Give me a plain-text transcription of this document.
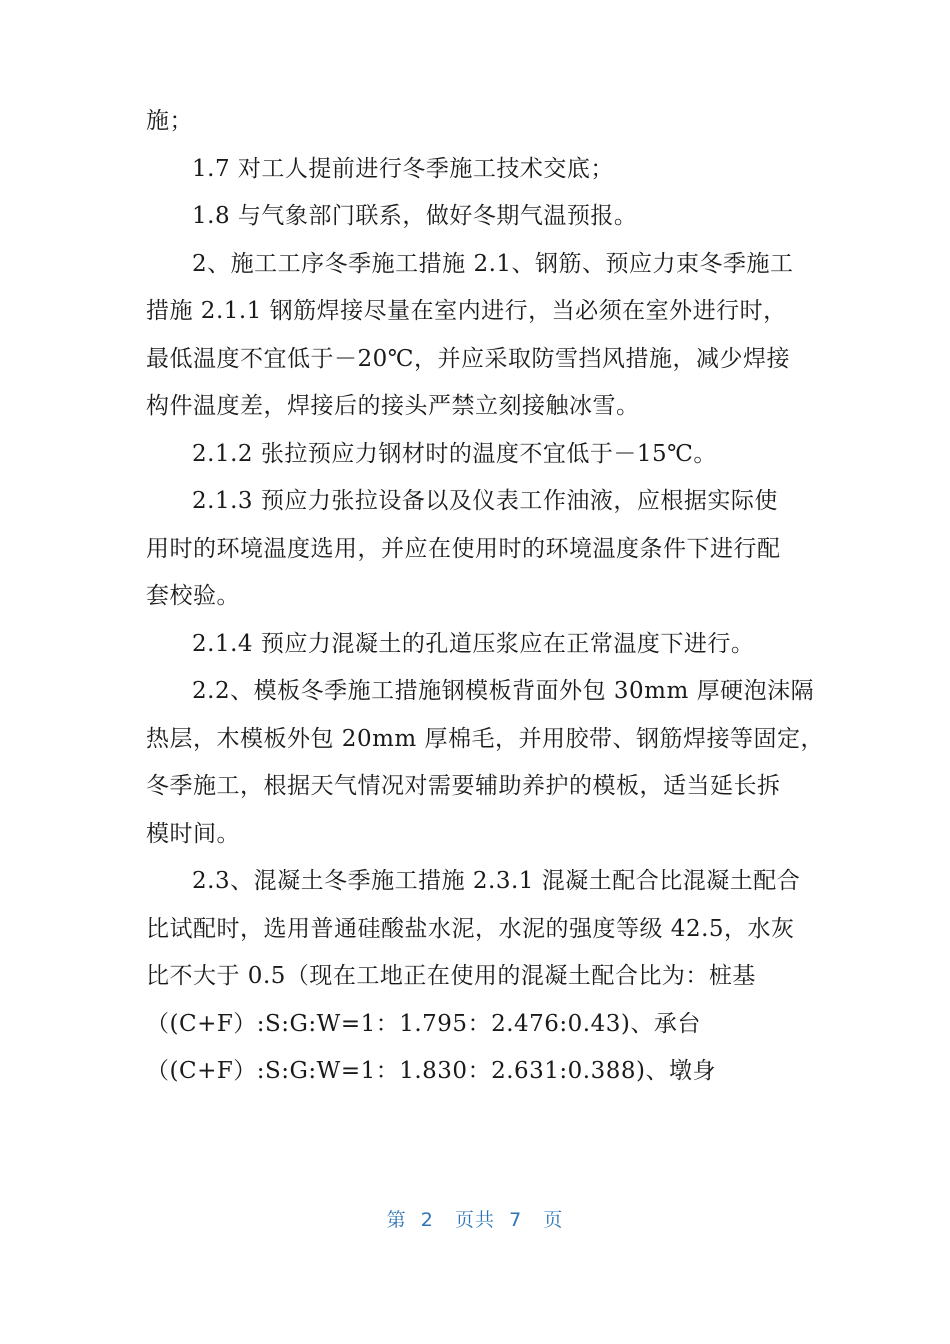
施；

1.7 对工人提前进行冬季施工技术交底；

1.8 与气象部门联系，做好冬期气温预报。

2、施工工序冬季施工措施 2.1、钢筋、预应力束冬季施工
措施 2.1.1 钢筋焊接尽量在室内进行，当必须在室外进行时，
最低温度不宜低于－20℃，并应采取防雪挡风措施，减少焊接
构件温度差，焊接后的接头严禁立刻接触冰雪。

2.1.2 张拉预应力钢材时的温度不宜低于－15℃。

2.1.3 预应力张拉设备以及仪表工作油液，应根据实际使
用时的环境温度选用，并应在使用时的环境温度条件下进行配
套校验。

2.1.4 预应力混凝土的孔道压浆应在正常温度下进行。

2.2、模板冬季施工措施钢模板背面外包 30mm 厚硬泡沫隔
热层，木模板外包 20mm 厚棉毛，并用胶带、钢筋焊接等固定，
冬季施工，根据天气情况对需要辅助养护的模板，适当延长拆
模时间。

2.3、混凝土冬季施工措施 2.3.1 混凝土配合比混凝土配合
比试配时，选用普通硅酸盐水泥，水泥的强度等级 42.5，水灰
比不大于 0.5（现在工地正在使用的混凝土配合比为：桩基

（(C+F）:S:G:W=1：1.795：2.476:0.43)、承台

（(C+F）:S:G:W=1：1.830：2.631:0.388)、墩身

第 2 页共 7 页
